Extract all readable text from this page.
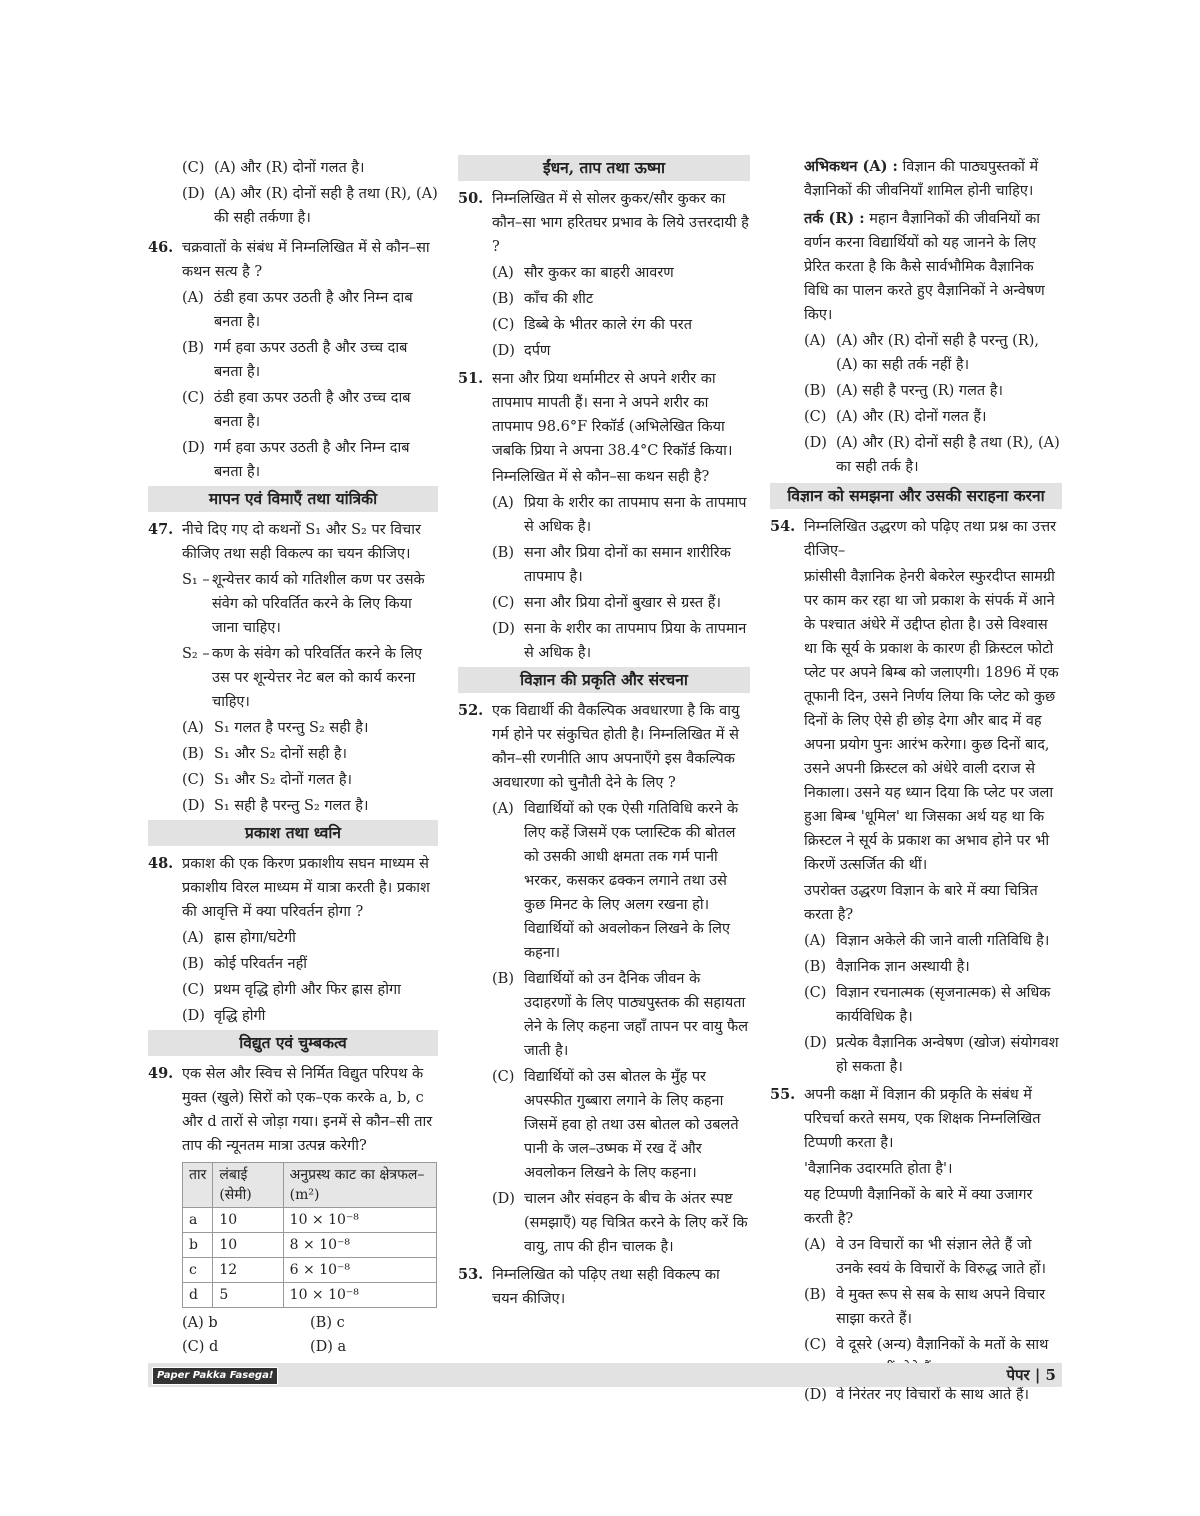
(C) (A) और (R) दोनों गलत है।
(D) (A) और (R) दोनों सही है तथा (R), (A) की सही तर्कणा है।
46. चक्रवातों के संबंध में निम्नलिखित में से कौन–सा कथन सत्य है ?
(A) ठंडी हवा ऊपर उठती है और निम्न दाब बनता है।
(B) गर्म हवा ऊपर उठती है और उच्च दाब बनता है।
(C) ठंडी हवा ऊपर उठती है और उच्च दाब बनता है।
(D) गर्म हवा ऊपर उठती है और निम्न दाब बनता है।
मापन एवं विमाएँ तथा यांत्रिकी
47. नीचे दिए गए दो कथनों S₁ और S₂ पर विचार कीजिए तथा सही विकल्प का चयन कीजिए।
S₁ – शून्येत्तर कार्य को गतिशील कण पर उसके संवेग को परिवर्तित करने के लिए किया जाना चाहिए।
S₂ – कण के संवेग को परिवर्तित करने के लिए उस पर शून्येत्तर नेट बल को कार्य करना चाहिए।
(A) S₁ गलत है परन्तु S₂ सही है।
(B) S₁ और S₂ दोनों सही है।
(C) S₁ और S₂ दोनों गलत है।
(D) S₁ सही है परन्तु S₂ गलत है।
प्रकाश तथा ध्वनि
48. प्रकाश की एक किरण प्रकाशीय सघन माध्यम से प्रकाशीय विरल माध्यम में यात्रा करती है। प्रकाश की आवृत्ति में क्या परिवर्तन होगा ?
(A) ह्रास होगा/घटेगी
(B) कोई परिवर्तन नहीं
(C) प्रथम वृद्धि होगी और फिर ह्रास होगा
(D) वृद्धि होगी
विद्युत एवं चुम्बकत्व
49. एक सेल और स्विच से निर्मित विद्युत परिपथ के मुक्त (खुले) सिरों को एक–एक करके a, b, c और d तारों से जोड़ा गया। इनमें से कौन–सी तार ताप की न्यूनतम मात्रा उत्पन्न करेगी?
तार	लंबाई (सेमी)	अनुप्रस्थ काट का क्षेत्रफल– (m²)
a	10	10 × 10⁻⁸
b	10	8 × 10⁻⁸
c	12	6 × 10⁻⁸
d	5	10 × 10⁻⁸
(A) b	(B) c
(C) d	(D) a
ईंधन, ताप तथा ऊष्मा
50. निम्नलिखित में से सोलर कुकर/सौर कुकर का कौन–सा भाग हरितघर प्रभाव के लिये उत्तरदायी है ?
(A) सौर कुकर का बाहरी आवरण
(B) काँच की शीट
(C) डिब्बे के भीतर काले रंग की परत
(D) दर्पण
51. सना और प्रिया थर्मामीटर से अपने शरीर का तापमाप मापती हैं। सना ने अपने शरीर का तापमाप 98.6°F रिकॉर्ड (अभिलेखित किया जबकि प्रिया ने अपना 38.4°C रिकॉर्ड किया।
निम्नलिखित में से कौन–सा कथन सही है?
(A) प्रिया के शरीर का तापमाप सना के तापमाप से अधिक है।
(B) सना और प्रिया दोनों का समान शारीरिक तापमाप है।
(C) सना और प्रिया दोनों बुखार से ग्रस्त हैं।
(D) सना के शरीर का तापमाप प्रिया के तापमान से अधिक है।
विज्ञान की प्रकृति और संरचना
52. एक विद्यार्थी की वैकल्पिक अवधारणा है कि वायु गर्म होने पर संकुचित होती है। निम्नलिखित में से कौन–सी रणनीति आप अपनाएँगे इस वैकल्पिक अवधारणा को चुनौती देने के लिए ?
(A) विद्यार्थियों को एक ऐसी गतिविधि करने के लिए कहें जिसमें एक प्लास्टिक की बोतल को उसकी आधी क्षमता तक गर्म पानी भरकर, कसकर ढक्कन लगाने तथा उसे कुछ मिनट के लिए अलग रखना हो। विद्यार्थियों को अवलोकन लिखने के लिए कहना।
(B) विद्यार्थियों को उन दैनिक जीवन के उदाहरणों के लिए पाठ्यपुस्तक की सहायता लेने के लिए कहना जहाँ तापन पर वायु फैल जाती है।
(C) विद्यार्थियों को उस बोतल के मुँह पर अपस्फीत गुब्बारा लगाने के लिए कहना जिसमें हवा हो तथा उस बोतल को उबलते पानी के जल–उष्मक में रख दें और अवलोकन लिखने के लिए कहना।
(D) चालन और संवहन के बीच के अंतर स्पष्ट (समझाएँ) यह चित्रित करने के लिए करें कि वायु, ताप की हीन चालक है।
53. निम्नलिखित को पढ़िए तथा सही विकल्प का चयन कीजिए।
अभिकथन (A) : विज्ञान की पाठ्यपुस्तकों में वैज्ञानिकों की जीवनियाँ शामिल होनी चाहिए।
तर्क (R) : महान वैज्ञानिकों की जीवनियों का वर्णन करना विद्यार्थियों को यह जानने के लिए प्रेरित करता है कि कैसे सार्वभौमिक वैज्ञानिक विधि का पालन करते हुए वैज्ञानिकों ने अन्वेषण किए।
(A) (A) और (R) दोनों सही है परन्तु (R), (A) का सही तर्क नहीं है।
(B) (A) सही है परन्तु (R) गलत है।
(C) (A) और (R) दोनों गलत हैं।
(D) (A) और (R) दोनों सही है तथा (R), (A) का सही तर्क है।
विज्ञान को समझना और उसकी सराहना करना
54. निम्नलिखित उद्धरण को पढ़िए तथा प्रश्न का उत्तर दीजिए–
फ्रांसीसी वैज्ञानिक हेनरी बेकरेल स्फुरदीप्त सामग्री पर काम कर रहा था जो प्रकाश के संपर्क में आने के पश्चात अंधेरे में उद्दीप्त होता है। उसे विश्वास था कि सूर्य के प्रकाश के कारण ही क्रिस्टल फोटो प्लेट पर अपने बिम्ब को जलाएगी। 1896 में एक तूफानी दिन, उसने निर्णय लिया कि प्लेट को कुछ दिनों के लिए ऐसे ही छोड़ देगा और बाद में वह अपना प्रयोग पुनः आरंभ करेगा। कुछ दिनों बाद, उसने अपनी क्रिस्टल को अंधेरे वाली दराज से निकाला। उसने यह ध्यान दिया कि प्लेट पर जला हुआ बिम्ब 'धूमिल' था जिसका अर्थ यह था कि क्रिस्टल ने सूर्य के प्रकाश का अभाव होने पर भी किरणें उत्सर्जित की थीं।
उपरोक्त उद्धरण विज्ञान के बारे में क्या चित्रित करता है?
(A) विज्ञान अकेले की जाने वाली गतिविधि है।
(B) वैज्ञानिक ज्ञान अस्थायी है।
(C) विज्ञान रचनात्मक (सृजनात्मक) से अधिक कार्यविधिक है।
(D) प्रत्येक वैज्ञानिक अन्वेषण (खोज) संयोगवश हो सकता है।
55. अपनी कक्षा में विज्ञान की प्रकृति के संबंध में परिचर्चा करते समय, एक शिक्षक निम्नलिखित टिप्पणी करता है।
'वैज्ञानिक उदारमति होता है'।
यह टिप्पणी वैज्ञानिकों के बारे में क्या उजागर करती है?
(A) वे उन विचारों का भी संज्ञान लेते हैं जो उनके स्वयं के विचारों के विरुद्ध जाते हों।
(B) वे मुक्त रूप से सब के साथ अपने विचार साझा करते हैं।
(C) वे दूसरे (अन्य) वैज्ञानिकों के मतों के साथ
(D) वे निरंतर नए विचारों के साथ आते हैं।
Paper Pakka Fasega!	पेपर | 5
